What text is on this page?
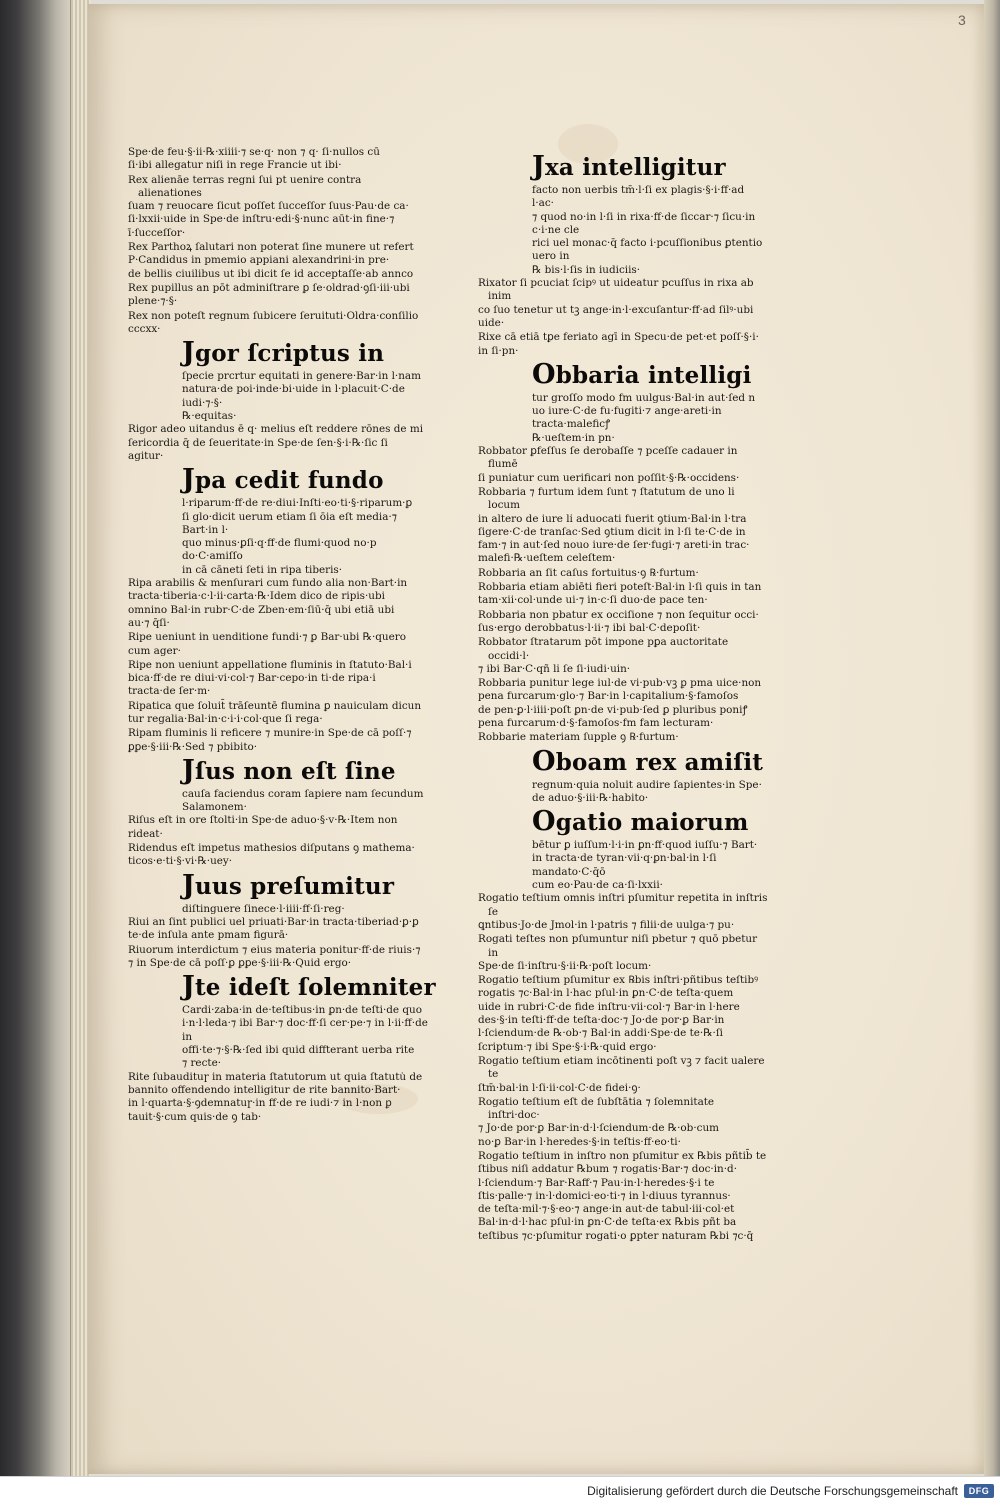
3
Spe·de feu·§·ii·℞·xiiii·⁊ se·q· non ⁊ q· ſi·nullos cū
ſi·ibi allegatur niſi in rege Francie ut ibi·
Rex alienāe terras regni ſui pt uenire contra alienationes
ſuam ⁊ reuocare ſicut poſſet ſucceſſor ſuus·Pau·de ca·
ſi·lxxii·uide in Spe·de inſtru·edi·§·nunc aūt·in fine·⁊
ī·ſucceſſor·
Rex Parthoꝝ ſalutari non poterat ſine munere ut refert
P·Candidus in pmemio appiani alexandrini·in pre·
de bellis ciuilibus ut ibi dicit ſe id acceptaſſe·ab annco
Rex pupillus an pōt adminiſtrare ꝑ ſe·oldrad·ꝯſi·iii·ubi
plene·⁊·§·
Rex non poteſt regnum ſubicere ſeruituti·Oldra·conſilio
cccxx·
Jgor ſcriptus in
ſpecie prcrtur equitati in genere·Bar·in l·nam
natura·de poi·inde·bi·uide in l·placuit·C·de iudi·⁊·§·
℞·equitas·
Rigor adeo uitandus ē q· melius eſt reddere rōnes de mi
ſericordia q̄ de ſeueritate·in Spe·de ſen·§·i·℞·ſic ſi
agitur·
Jpa cedit fundo
l·riparum·ff·de re·diui·Inſti·eo·ti·§·riparum·ꝑ
ſi glo·dicit uerum etiam ſi ōia eſt media·⁊ Bart·in l·
quo minus·ꝑſi·q·ff·de flumi·quod no·p do·C·amiſſo
in cā cāneti ſeti in ripa tiberis·
Ripa arabilis & menſurari cum fundo alia non·Bart·in
tracta·tiberia·c·l·ii·carta·℞·Idem dico de ripis·ubi
omnino Bal·in rubr·C·de Zben·em·ſiū·q̄ ubi etiā ubi
au·⁊ q̄ſi·
Ripe ueniunt in uenditione fundi·⁊ ꝑ Bar·ubi ℞·quero
cum ager·
Ripe non ueniunt appellatione fluminis in ſtatuto·Bal·i
bica·ff·de re diui·vi·col·⁊ Bar·cepo·in ti·de ripa·i
tracta·de ſer·m·
Ripatica que ſoluit̄ trāſeuntē flumina ꝑ nauiculam dicun
tur regalia·Bal·in·c·i·i·col·que ſi rega·
Ripam fluminis li̇ reficere ⁊ munire·in Spe·de cā poſſ·⁊
ꝑꝑe·§·iii·℞·Sed ⁊ pbibito·
Jſus non eſt ſine
cauſa faciendus coram ſapiere nam ſecundum
Salamonem·
Riſus eſt in ore ſtolti·in Spe·de aduo·§·v·℞·Item non
rideat·
Ridendus eſt impetus mathesios diſputans ꝯ mathema·
ticos·e·ti·§·vi·℞·uey·
Juus preſumitur
diſtinguere ſinece·l·iiii·ff·ſi·reg·
Riui an ſint publici uel priuati·Bar·in tracta·tiberiad·ꝑ·ꝑ
te·de inſula ante pmam figurā·
Riuorum interdictum ⁊ eius materia ponitur·ff·de riuis·⁊
⁊ in Spe·de cā poſſ·ꝑ ꝑꝑe·§·iii·℞·Quid ergo·
Jte ideſt ſolemniter
Cardi·zaba·in de·teſtibus·in ꝑn·de teſti·de quo
i·n·l·leda·⁊ ibi Bar·⁊ doc·ff·ſi cer·pe·⁊ in l·ii·ff·de in
offi·te·⁊·§·℞·ſed ibi quid diffterant uerba rite
⁊ recte·
Rite ſubaudituɼ in materia ſtatutorum ut quia ſtatutu̇ de
bannito offendendo intelligitur de rite bannito·Bart·
in l·quarta·§·ꝯdemnatuɼ·in ff·de re iudi·⁊ in l·non ꝑ
tauit·§·cum quis·de ꝯ tab·
Jxa intelligitur
facto non uerbis tm̄·l·ſi ex plagis·§·i·ff·ad l·ac·
⁊ quod no·in l·ſi in rixa·ff·de ſiccar·⁊ ſicu·in c·i·ne cle
rici uel monac·q̄ facto i·pcuſſionibus ꝑtentio uero in
℞ bis·l·ſis in iudiciis·
Rixator ſi pcuciat ſcipꝰ ut uideatur pcuſſus in rixa ab inim
co ſuo tenetur ut tꝫ ange·in·l·excuſantur·ff·ad ſilꝰ·ubi
uide·
Rixe cā etiā tꝑe feriato agī in Specu·de pet·et poſſ·§·i·
in ſi·pn·
Obbaria intelligi
tur groſſo modo fm uulgus·Bal·in aut·ſed n
uo iure·C·de fu·fugiti·⁊ ange·areti·in tracta·maleficꝭ
℞·ueſtem·in pn·
Robbator ꝑfeſſus ſe derobaſſe ⁊ pceſſe cadauer in flumē
ſi puniatur cum uerificari non poſſit·§·℞·occidens·
Robbaria ⁊ furtum idem ſunt ⁊ ſtatutum de uno li̇ locum
in altero de iure li̇ aduocati fuerit ꝯtium·Bal·in l·tra
ſigere·C·de tranſac·Sed ꝯtium dicit in l·ſi te·C·de in
fam·⁊ in aut·ſed nouo iure·de ſer·fugi·⁊ areti·in trac·
malefi·℞·ueſtem celeſtem·
Robbaria an ſit caſus fortuitus·ꝯ ℞·furtum·
Robbaria etiam abiēti fieri poteſt·Bal·in l·ſi quis in tan
tam·xii·col·unde ui·⁊ in·c·ſi duo·de pace ten·
Robbaria non pbatur ex occiſione ⁊ non ſequitur occi·
ſus·ergo derobbatus·l·ii·⁊ ibi bal·C·depoſit·
Robbator ſtratarum pōt impone pꝑa auctoritate occidi·l·
⁊ ibi Bar·C·qñ li̇ ſe ſi·iudi·uin·
Robbaria punitur lege iul·de vi·pub·vꝫ ꝑ pma uice·non
pena furcarum·glo·⁊ Bar·in l·capitalium·§·famoſos
de pen·ꝑ·l·iiii·poſt ꝑn·de vi·pub·ſed ꝑ pluribus poniꝭ
pena furcarum·d·§·famoſos·fm fam lecturam·
Robbarie materiam ſupple ꝯ ℞·furtum·
Oboam rex amiſit
regnum·quia noluit audire ſapientes·in Spe·
de aduo·§·iii·℞·habito·
Ogatio maiorum
bētur ꝑ iuſſum·l·i·in ꝑn·ff·quod iuſſu·⁊ Bart·
in tracta·de tyran·vii·q·ꝑn·bal·in l·ſi mandato·C·q̄ō
cum eo·Pau·de ca·ſi·lxxii·
Rogatio teſtium omnis inſtri pſumitur repetita in inſtris ſe
ꝗntibus·Jo·de Jmol·in l·patris ⁊ filii·de uulga·⁊ pu·
Rogati teſtes non pſumuntur niſi pbetur ⁊ quō pbetur in
Spe·de ſi·inſtru·§·ii·℞·poſt locum·
Rogatio teſtium pſumitur ex ℞bis inſtri·pñtibus teſtibꝰ
rogatis ⁊c·Bal·in l·hac pſul·in ꝑn·C·de teſta·quem
uide in rubri·C·de fide inſtru·vii·col·⁊ Bar·in l·here
des·§·in teſti·ff·de teſta·doc·⁊ Jo·de por·ꝑ Bar·in
l·ſciendum·de ℞·ob·⁊ Bal·in addi·Spe·de te·℞·ſi
ſcriptum·⁊ ibi Spe·§·i·℞·quid ergo·
Rogatio teſtium etiam incōtinenti poſt vꝫ ⁊ facit ualere te
ſtm̄·bal·in l·ſi·ii·col·C·de fidei·ꝯ·
Rogatio teſtium eſt de ſubſtātia ⁊ ſolemnitate inſtri·doc·
⁊ Jo·de por·ꝑ Bar·in·d·l·ſciendum·de ℞·ob·cum
no·ꝑ Bar·in l·heredes·§·in teſtis·ff·eo·ti·
Rogatio teſtium in inſtro non pſumitur ex ℞bis pñtib̄ te
ſtibus niſi addatur ℞bum ⁊ rogatis·Bar·⁊ doc·in·d·
l·ſciendum·⁊ Bar·Raff·⁊ Pau·in·l·heredes·§·i te
ſtis·palle·⁊ in·l·domici·eo·ti·⁊ in l·diuus tyrannus·
de teſta·mil·⁊·§·eo·⁊ ange·in aut·de tabul·iii·col·et
Bal·in·d·l·hac pſul·in ꝑn·C·de teſta·ex ℞bis pñt ba
teſtibus ⁊c·pſumitur rogati·o ꝑpter naturam ℞bi ⁊c·q̄
Digitalisierung gefördert durch die Deutsche Forschungsgemeinschaft	DFG
